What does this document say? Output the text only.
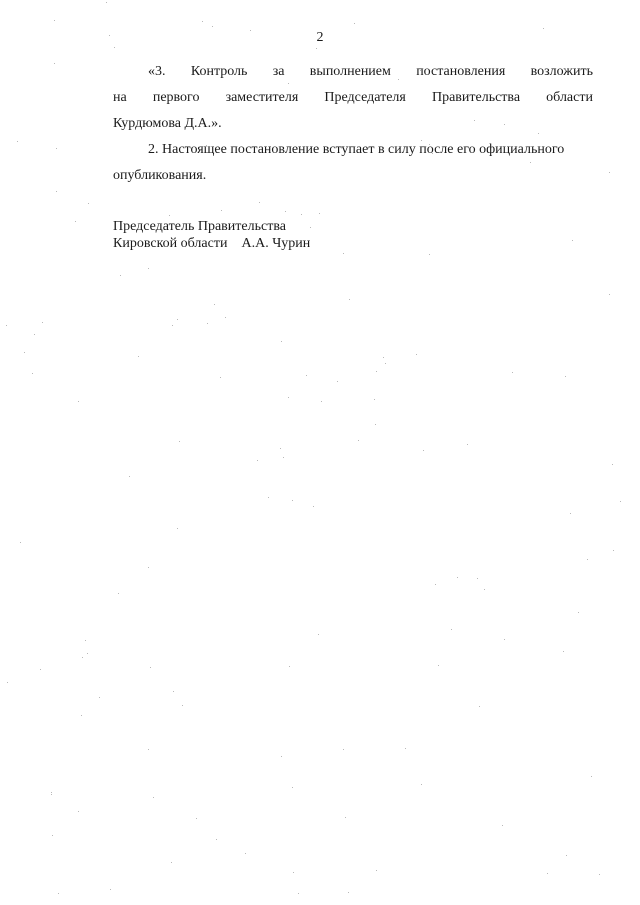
2
«3. Контроль за выполнением постановления возложить
на первого заместителя Председателя Правительства области
Курдюмова Д.А.».
2. Настоящее постановление вступает в силу после его официального
опубликования.
Председатель Правительства
Кировской области А.А. Чурин
